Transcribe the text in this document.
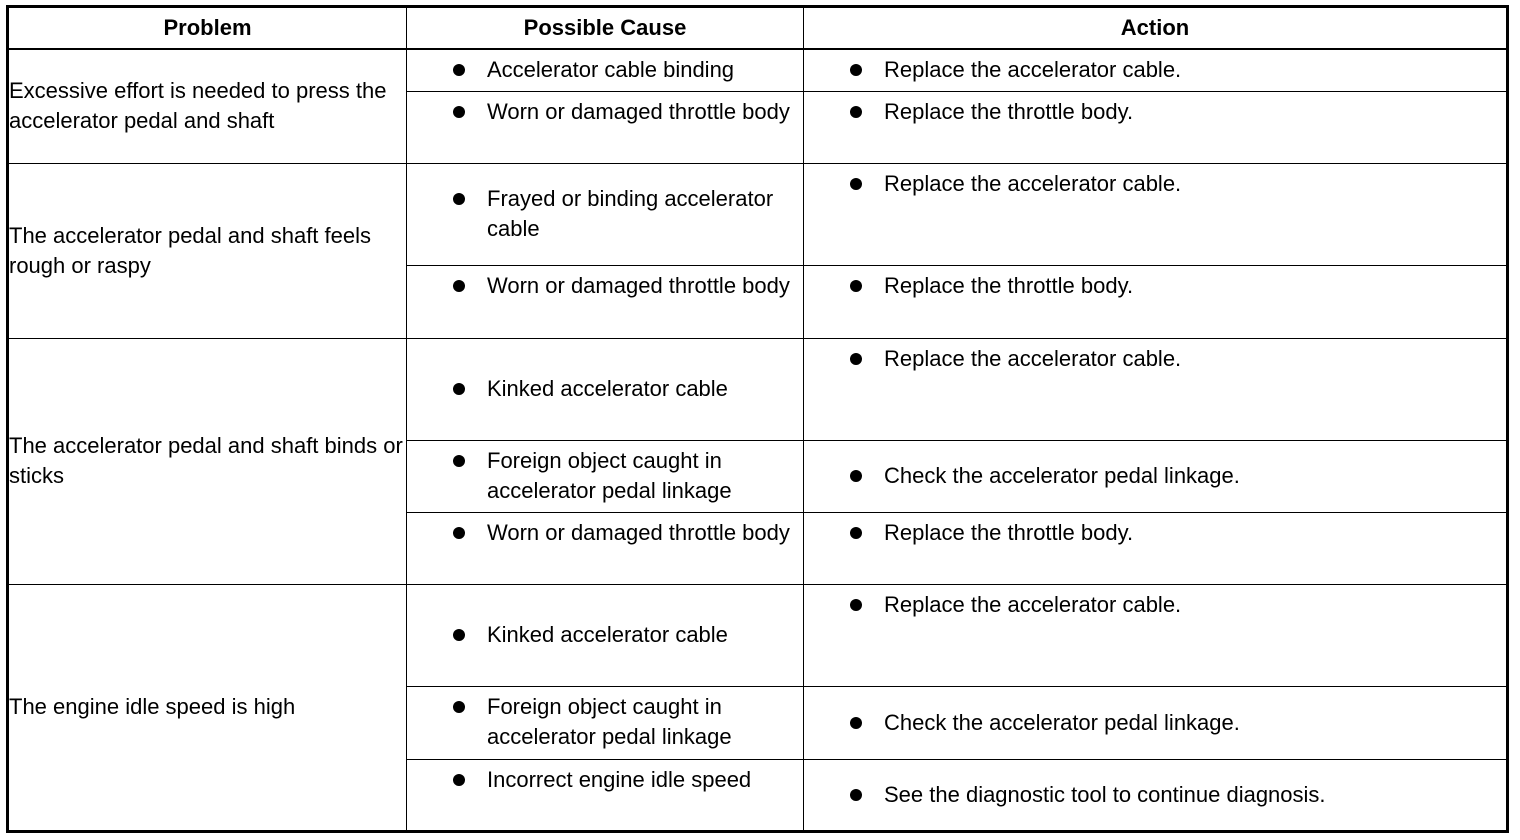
Problem	Possible Cause	Action
Excessive effort is needed to press the accelerator pedal and shaft	Accelerator cable binding	Replace the accelerator cable.

	Worn or damaged throttle body	Replace the throttle body.

The accelerator pedal and shaft feels rough or raspy	Frayed or binding accelerator cable	Replace the accelerator cable.

	Worn or damaged throttle body	Replace the throttle body.

The accelerator pedal and shaft binds or sticks	Kinked accelerator cable	Replace the accelerator cable.

	Foreign object caught in accelerator pedal linkage	Check the accelerator pedal linkage.

	Worn or damaged throttle body	Replace the throttle body.

The engine idle speed is high	Kinked accelerator cable	Replace the accelerator cable.

	Foreign object caught in accelerator pedal linkage	Check the accelerator pedal linkage.

	Incorrect engine idle speed	See the diagnostic tool to continue diagnosis.
